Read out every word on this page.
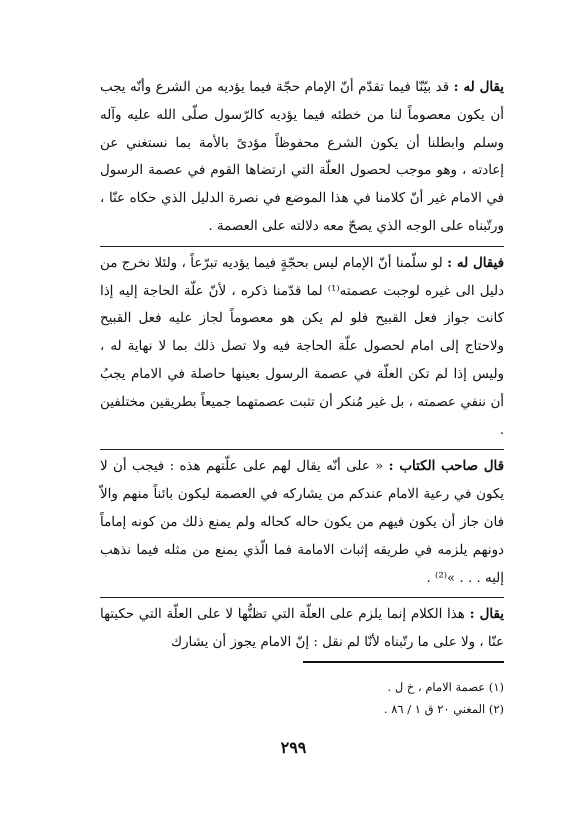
يقال له : قد بيّنّا فيما تقدّم أنّ الإمام حجّة فيما يؤديه من الشرع وأنّه يجب أن يكون معصوماً لنا من خطئه فيما يؤديه كالرّسول صلّى الله عليه وآله وسلم وابطلنا أن يكون الشرع محفوظاً مؤدىً بالأمة بما نستغني عن إعادته ، وهو موجب لحصول العلّة التي ارتضاها القوم في عصمة الرسول في الامام غير أنّ كلامنا في هذا الموضع في نصرة الدليل الذي حكاه عنّا ، ورتّبناه على الوجه الذي يصحّ معه دلالته على العصمة .

فيقال له : لو سلّمنا أنّ الإمام ليس بحجّةٍ فيما يؤديه تبرّعاً ، ولئلا نخرج من دليل الى غيره لوجبت عصمته⁽¹⁾ لما قدّمنا ذكره ، لأنّ علّة الحاجة إليه إذا كانت جواز فعل القبيح فلو لم يكن هو معصوماً لجاز عليه فعل القبيح ولاحتاج إلى امام لحصول علّة الحاجة فيه ولا تصل ذلك بما لا نهاية له ، وليس إذا لم تكن العلّة في عصمة الرسول بعينها حاصلة في الامام يجبُ أن ننفي عصمته ، بل غير مُنكر أن تثبت عصمتهما جميعاً بطريقين مختلفين .

قال صاحب الكتاب : « على أنّه يقال لهم على علّتهم هذه : فيجب أن لا يكون في رعية الامام عندكم من يشاركه في العصمة ليكون بائناً منهم والاّ فان جاز أن يكون فيهم من يكون حاله كحاله ولم يمنع ذلك من كونه إماماً دونهم يلزمه في طريقه إثبات الامامة فما الّذي يمنع من مثله فيما نذهب إليه . . . »⁽²⁾ .

يقال : هذا الكلام إنما يلزم على العلّة التي تظنُّها لا على العلّة التي حكيتها عنّا ، ولا على ما رتّبناه لأنّا لم نقل : إنّ الامام يجوز أن يشارك

(١) عصمة الامام ، خ ل .

(٢) المغني ٢٠ ق ١ / ٨٦ .

٢٩٩
